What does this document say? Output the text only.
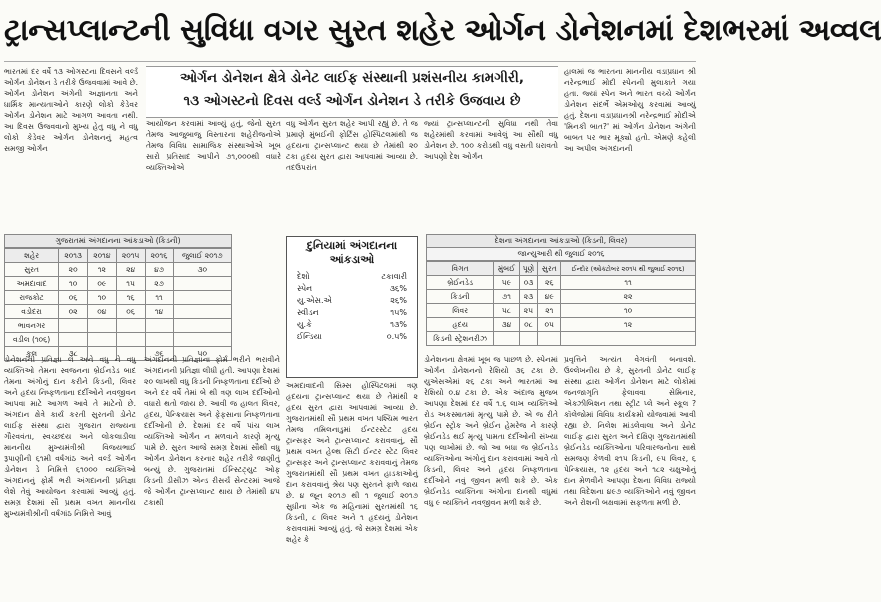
ટ્રાન્સપ્લાન્ટની સુવિધા વગર સુરત શહેર ઓર્ગન ડોનેશનમાં દેશભરમાં અવ્વલ
ભારતમાં દર વર્ષે ૧૩ ઓગસ્ટના દિવસને વર્લ્ડ ઓર્ગન ડોનેશન ડે તરીકે ઉજવવામાં આવે છે. ઓર્ગન ડોનેશન અંગેની અજ્ઞાનતા અને ધાર્મિક માન્યતાઓને કારણે લોકો કેડેવર ઓર્ગન ડોનેશન માટે આગળ આવતા નથી. આ દિવસ ઉજવવાનો મુખ્ય હેતુ વધુ ને વધુ લોકો કેડેવર ઓર્ગન ડોનેશનનું મહત્વ સમજી ઓર્ગન
આયોજન કરવામાં આવ્યું હતું, જેનો સુરત તેમજ આજુબાજુ વિસ્તારના શહેરીજનોએ તેમજ વિવિધ સામાજિક સંસ્થાઓએ ખૂબ સારો પ્રતિસાદ આપીને ૭૧,૦૦૦થી વધારે વ્યક્તિઓએ
વધુ ઓર્ગન સુરત શહેર આપી રહ્યું છે. તે જ પ્રમાણે મુંબઈની ફોર્ટિસ હોસ્પિટલમાંથી જ હૃદયના ટ્રાન્સપ્લાન્ટ થયા છે તેમાંથી ૨૦ ટકા હૃદય સુરત દ્વારા આપવામાં આવ્યા છે. તદઉપરાંત
જ્યાં ટ્રાન્સપ્લાન્ટની સુવિધા નથી તેવા શહેરમાંથી કરવામાં આવેલું આ સૌથી વધુ ડોનેશન છે. ૧૦૦ કરોડથી વધુ વસતી ધરાવતો આપણો દેશ ઓર્ગન
હાલમાં જ ભારતના માનનીય વડાપ્રધાન શ્રી નરેન્દ્રભાઈ મોદી સ્પેનની મુલાકાતે ગયા હતા. જ્યાં સ્પેન અને ભારત વચ્ચે ઓર્ગન ડોનેશન સંદર્ભે એમઓયુ કરવામાં આવ્યું હતું. દેશના વડાપ્રધાનશ્રી નરેન્દ્રભાઈ મોદીએ 'મિનકી બાત?' માં ઓર્ગન ડોનેશન અંગેની બાબત પર ભાર મૂક્યો હતો. એમણે કહેલી આ અપીલ અંગદાનની
ઓર્ગન ડોનેશન ક્ષેત્રે ડોનેટ લાઈફ સંસ્થાની પ્રશંસનીય કામગીરી,
૧૩ ઓગસ્ટનો દિવસ વર્લ્ડ ઓર્ગન ડોનેશન ડે તરીકે ઉજવાય છે
ગુજરાતમાં અંગદાનના આંકડાઓ (કિડની)
શહેર	૨૦૧૩	૨૦૧૪	૨૦૧૫	૨૦૧૬	જુલાઈ ૨૦૧૭
સુરત	૨૦	૧૨	૨૪	૪૭	૩૦
અમદાવાદ	૧૦	૦૯	૧૫	૨૭	
રાજકોટ	૦૬	૧૦	૧૬	૧૧	
વડોદરા	૦૨	૦૪	૦૬	૧૪	
ભાવનગર					
વડીલ (૧૦૬)					
કુલ	૩૮			૭૬	૫૦
દુનિયામાં અંગદાનના આંકડાઓ
દેશો	ટકાવારી
સ્પેન	૩૬%
યુ.એસ.એ	૨૬%
સ્વીડન	૧૫%
યુ.કે	૧૩%
ઈન્ડિયા	૦.૫%
દેશના અંગદાનના આંકડાઓ (કિડની, લિવર)
જાન્યુઆરી થી જુલાઈ ૨૦૧૬
વિગત	મુંબઈ	પૂણે	સુરત	ઈન્દોર (ઓક્ટોબર ૨૦૧૫ થી જુલાઈ ૨૦૧૬)
બ્રેઈનડેડ	૫૯	૦૩	૨૬	૧૧
કિડની	૭૧	૨૩	૪૯	૨૨
લિવર	૫૮	૨૫	૨૧	૧૦
હૃદય	૩૪	૦૮	૦૫	૧૨
કિડની સ્ટ્રેશનરીઝ				
ડોનેશનની પ્રતિજ્ઞા લે અને વધુ ને વધુ વ્યક્તિઓ તેમના સ્વજનના બ્રેઈનડેડ બાદ તેમના અંગોનું દાન કરીને કિડની, લિવર અને હૃદય નિષ્ફળતાના દર્દીઓને નવજીવન આપવા માટે આગળ આવે તે માટેનો છે. અંગદાન ક્ષેત્રે કાર્ય કરતી સુરતની ડોનેટ લાઈફ સંસ્થા દ્વારા ગુજરાત રાજ્યના ગૌરવવંતા, સ્વચ્છદય અને લોકલાડીલા માનનીય મુખ્યમંત્રીશ્રી વિજયભાઈ રૂપાણીની ૬૧મી વર્ષગાંઠ અને વર્લ્ડ ઓર્ગન ડોનેશન ડે નિમિત્તે ૬૧૦૦૦ વ્યક્તિઓ અંગદાનનું ફોર્મ ભરી અંગદાનની પ્રતિજ્ઞા લેશે તેવું આયોજન કરવામાં આવ્યું હતું. સમગ્ર દેશમાં સૌ પ્રથમ વખત માનનીય મુખ્યમંત્રીશ્રીની વર્ષગાંઠ નિમિત્તે આવું
અંગદાનની પ્રતિજ્ઞાના ફોર્મ ભરીને ભરાવીને અંગદાનની પ્રતિજ્ઞા લીધી હતી. આપણા દેશમાં ૨૦ લાખથી વધુ કિડની નિષ્ફળતાના દર્દીઓ છે અને દર વર્ષે તેમાં બે થી ત્રણ લાખ દર્દીઓનો વધારો થતો જાય છે. આવી જ હાલત લિવર, હૃદય, પેન્ક્રિયાસ અને ફેફસાના નિષ્ફળતાના દર્દીઓની છે. દેશમાં દર વર્ષે પાંચ લાખ વ્યક્તિઓ ઓર્ગન ન મળવાને કારણે મૃત્યુ પામે છે. સુરત આજે સમગ્ર દેશમાં સૌથી વધુ ઓર્ગન ડોનેશન કરનાર શહેર તરીકે જાણીતું બન્યું છે. ગુજરાતમાં ઈન્સ્ટિટ્યુટ ઓફ કિડની ડીસીઝ એન્ડ રીસર્ચ સેન્ટરમાં આજે જે ઓર્ગન ટ્રાન્સપ્લાન્ટ થાય છે તેમાંથી ૪૫ ટકાથી
અમદાવાદની સિમ્સ હોસ્પિટલમાં ત્રણ હૃદયના ટ્રાન્સપ્લાન્ટ થયા છે તેમાંથી ૨ હૃદય સુરત દ્વારા આપવામાં આવ્યા છે. ગુજરાતમાંથી સૌ પ્રથમ વખત પશ્ચિમ ભારત તેમજ તમિલનાડુમાં ઈન્ટરસ્ટેટ હૃદય ટ્રાન્સફર અને ટ્રાન્સપ્લાન્ટ કરાવવાનું, સૌ પ્રથમ વખત હેલ્થ સિટી ઈન્ટર સ્ટેટ લિવર ટ્રાન્સફર અને ટ્રાન્સપ્લાન્ટ કરાવવાનું તેમજ ગુજરાતમાંથી સૌ પ્રથમ વખત હાડકાઓનું દાન કરાવવાનું શ્રેય પણ સુરતને ફાળે જાય છે. ૪ જૂન ૨૦૧૭ થી ૧ જુલાઈ ૨૦૧૭ સુધીના એક જ મહિનામાં સુરતમાંથી ૧૬ કિડની, ૮ લિવર અને ૧ હૃદયનું ડોનેશન કરાવવામાં આવ્યું હતું. જે સમગ્ર દેશમાં એક શહેર કે
ડોનેશનના ક્ષેત્રમાં ખૂબ જ પાછળ છે. સ્પેનમાં ઓર્ગન ડોનેશનનો રેશિયો ૩૬ ટકા છે. યુએસએમાં ૨૬ ટકા અને ભારતમાં આ રેશિયો ૦.૪ ટકા છે. એક અંદાજ મુજબ આપણા દેશમાં દર વર્ષે ૧.૬ લાખ વ્યક્તિઓ રોડ અકસ્માતમાં મૃત્યુ પામે છે. એ જ રીતે બ્રેઈન સ્ટ્રોક અને બ્રેઈન હેમરેજ ને કારણે બ્રેઈનડેડ થઈ મૃત્યુ પામતા દર્દીઓની સંખ્યા પણ લાખોમાં છે. જો આ બધા જ બ્રેઈનડેડ વ્યક્તિઓના અંગોનું દાન કરાવવામાં આવે તો કિડની, લિવર અને હૃદય નિષ્ફળતાના દર્દીઓને નવું જીવન મળી શકે છે. એક બ્રેઈનડેડ વ્યક્તિના અંગોના દાનથી વધુમાં વધુ ૯ વ્યક્તિને નવજીવન મળી શકે છે.
પ્રવૃત્તિને અત્યંત વેગવંતી બનાવશે. ઉલ્લેખનીય છે કે, સુરતની ડોનેટ લાઈફ સંસ્થા દ્વારા ઓર્ગન ડોનેશન માટે લોકોમાં જનજાગૃતિ ફેલાવવા સેમિનાર, એક્ઝીબિશન તથા સ્ટ્રીટ પ્લે અને સ્કૂલ ? કૉલેજોમાં વિવિધ કાર્યક્રમો યોજવામાં આવી રહ્યા છે. નિલેશ માંડલેવાલા અને ડોનેટ લાઈફ દ્વારા સુરત અને દક્ષિણ ગુજરાતમાંથી બ્રેઈનડેડ વ્યક્તિઓના પરિવારજનોના સાથે સમજણ કેળવી ૨૧૫ કિડની, ૯૫ લિવર, ૬ પેન્ક્રિયાસ, ૧૨ હૃદય અને ૧૮૨ ચક્ષુઓનું દાન મેળવીને આપણા દેશના વિવિધ રાજ્યો તથા વિદેશના ૪૯૭ વ્યક્તિઓને નવું જીવન અને રોશની બક્ષવામાં સફળતા મળી છે.
